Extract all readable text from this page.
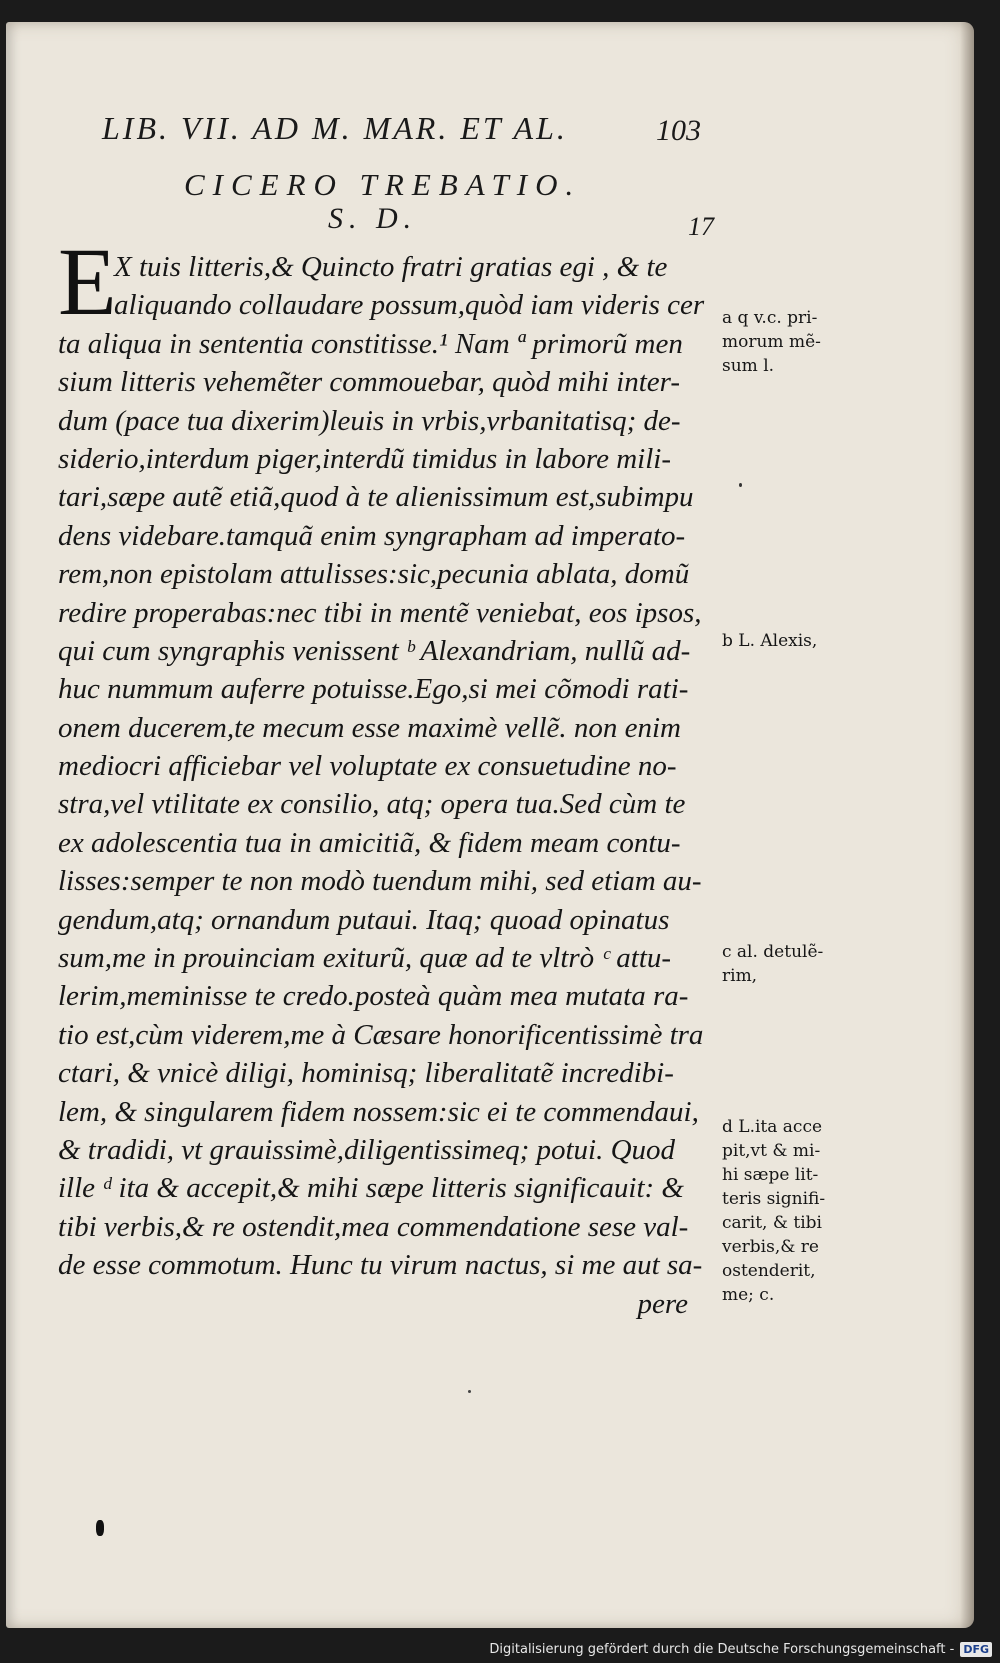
LIB. VII. AD M. MAR. ET AL.	103
CICERO TREBATIO.
S. D.	17
E
X tuis litteris,& Quincto fratri gratias egi , & te
aliquando collaudare possum,quòd iam videris cer
ta aliqua in sententia constitisse.¹ Nam ª primorũ men
sium litteris vehemẽter commouebar, quòd mihi inter-
dum (pace tua dixerim)leuis in vrbis,vrbanitatisq; de-
siderio,interdum piger,interdũ timidus in labore mili-
tari,sæpe autẽ etiã,quod à te alienissimum est,subimpu
dens videbare.tamquã enim syngrapham ad imperato-
rem,non epistolam attulisses:sic,pecunia ablata, domũ
redire properabas:nec tibi in mentẽ veniebat, eos ipsos,
qui cum syngraphis venissent ᵇ Alexandriam, nullũ ad-
huc nummum auferre potuisse.Ego,si mei cõmodi rati-
onem ducerem,te mecum esse maximè vellẽ. non enim
mediocri afficiebar vel voluptate ex consuetudine no-
stra,vel vtilitate ex consilio, atq; opera tua.Sed cùm te
ex adolescentia tua in amicitiã, & fidem meam contu-
lisses:semper te non modò tuendum mihi, sed etiam au-
gendum,atq; ornandum putaui. Itaq; quoad opinatus
sum,me in prouinciam exiturũ, quæ ad te vltrò ᶜ attu-
lerim,meminisse te credo.posteà quàm mea mutata ra-
tio est,cùm viderem,me à Cæsare honorificentissimè tra
ctari, & vnicè diligi, hominisq; liberalitatẽ incredibi-
lem, & singularem fidem nossem:sic ei te commendaui,
& tradidi, vt grauissimè,diligentissimeq; potui. Quod
ille ᵈ ita & accepit,& mihi sæpe litteris significauit: &
tibi verbis,& re ostendit,mea commendatione sese val-
de esse commotum. Hunc tu virum nactus, si me aut sa-
pere
a q v.c. pri-
morum mẽ-
sum l.
b L. Alexis,
c al. detulẽ-
rim,
d L.ita acce
pit,vt & mi-
hi sæpe lit-
teris signifi-
carit, & tibi
verbis,& re
ostenderit,
me; c.
Digitalisierung gefördert durch die Deutsche Forschungsgemeinschaft - DFG
